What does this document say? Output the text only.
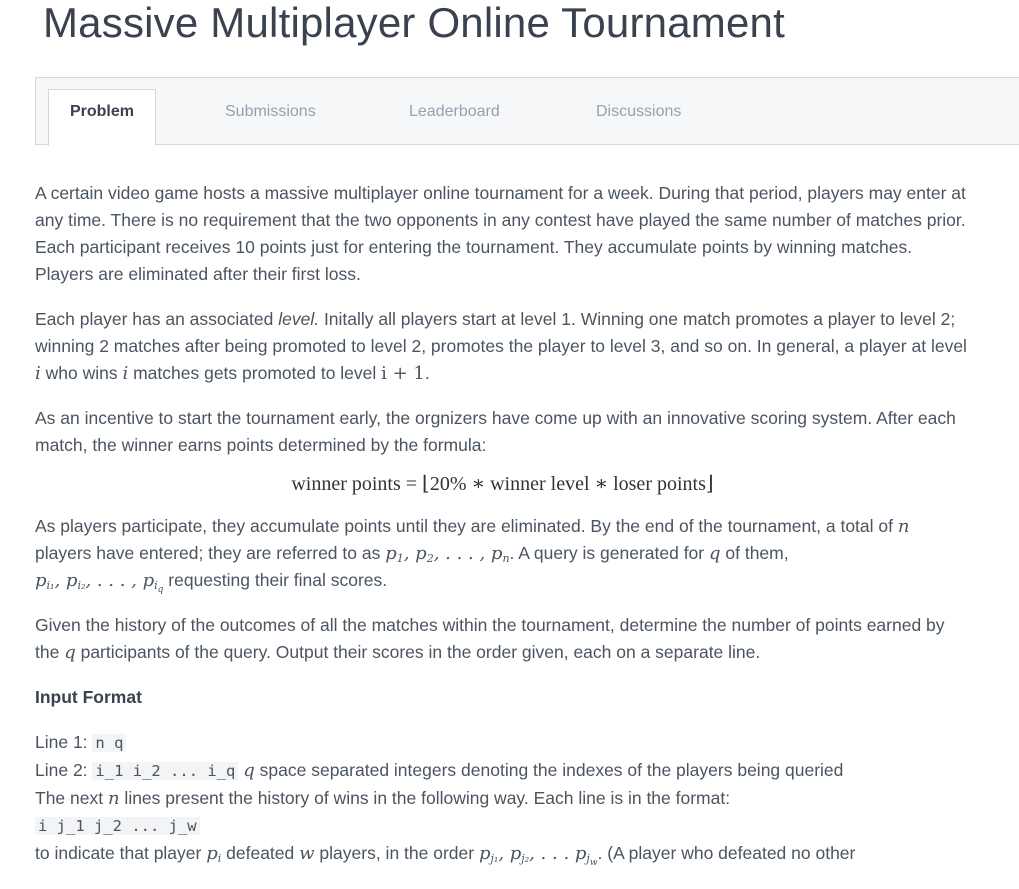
Massive Multiplayer Online Tournament
Problem	Submissions	Leaderboard	Discussions

A certain video game hosts a massive multiplayer online tournament for a week. During that period, players may enter at any time. There is no requirement that the two opponents in any contest have played the same number of matches prior. Each participant receives 10 points just for entering the tournament. They accumulate points by winning matches. Players are eliminated after their first loss.

Each player has an associated level. Initally all players start at level 1. Winning one match promotes a player to level 2; winning 2 matches after being promoted to level 2, promotes the player to level 3, and so on. In general, a player at level i who wins i matches gets promoted to level i + 1.

As an incentive to start the tournament early, the orgnizers have come up with an innovative scoring system. After each match, the winner earns points determined by the formula:

winner points = ⌊20% ∗ winner level ∗ loser points⌋

As players participate, they accumulate points until they are eliminated. By the end of the tournament, a total of n players have entered; they are referred to as $p_1$, $p_2$, . . . , $p_n$. A query is generated for q of them,
$p_{i_1}$, $p_{i_2}$, . . . , $p_{i_q}$ requesting their final scores.

Given the history of the outcomes of all the matches within the tournament, determine the number of points earned by the q participants of the query. Output their scores in the order given, each on a separate line.

Input Format
Line 1: n q
Line 2: i_1 i_2 ... i_q q space separated integers denoting the indexes of the players being queried
The next n lines present the history of wins in the following way. Each line is in the format:
i j_1 j_2 ... j_w
to indicate that player $p_i$ defeated w players, in the order $p_{j_1}$, $p_{j_2}$, . . . $p_{j_w}$. (A player who defeated no other
